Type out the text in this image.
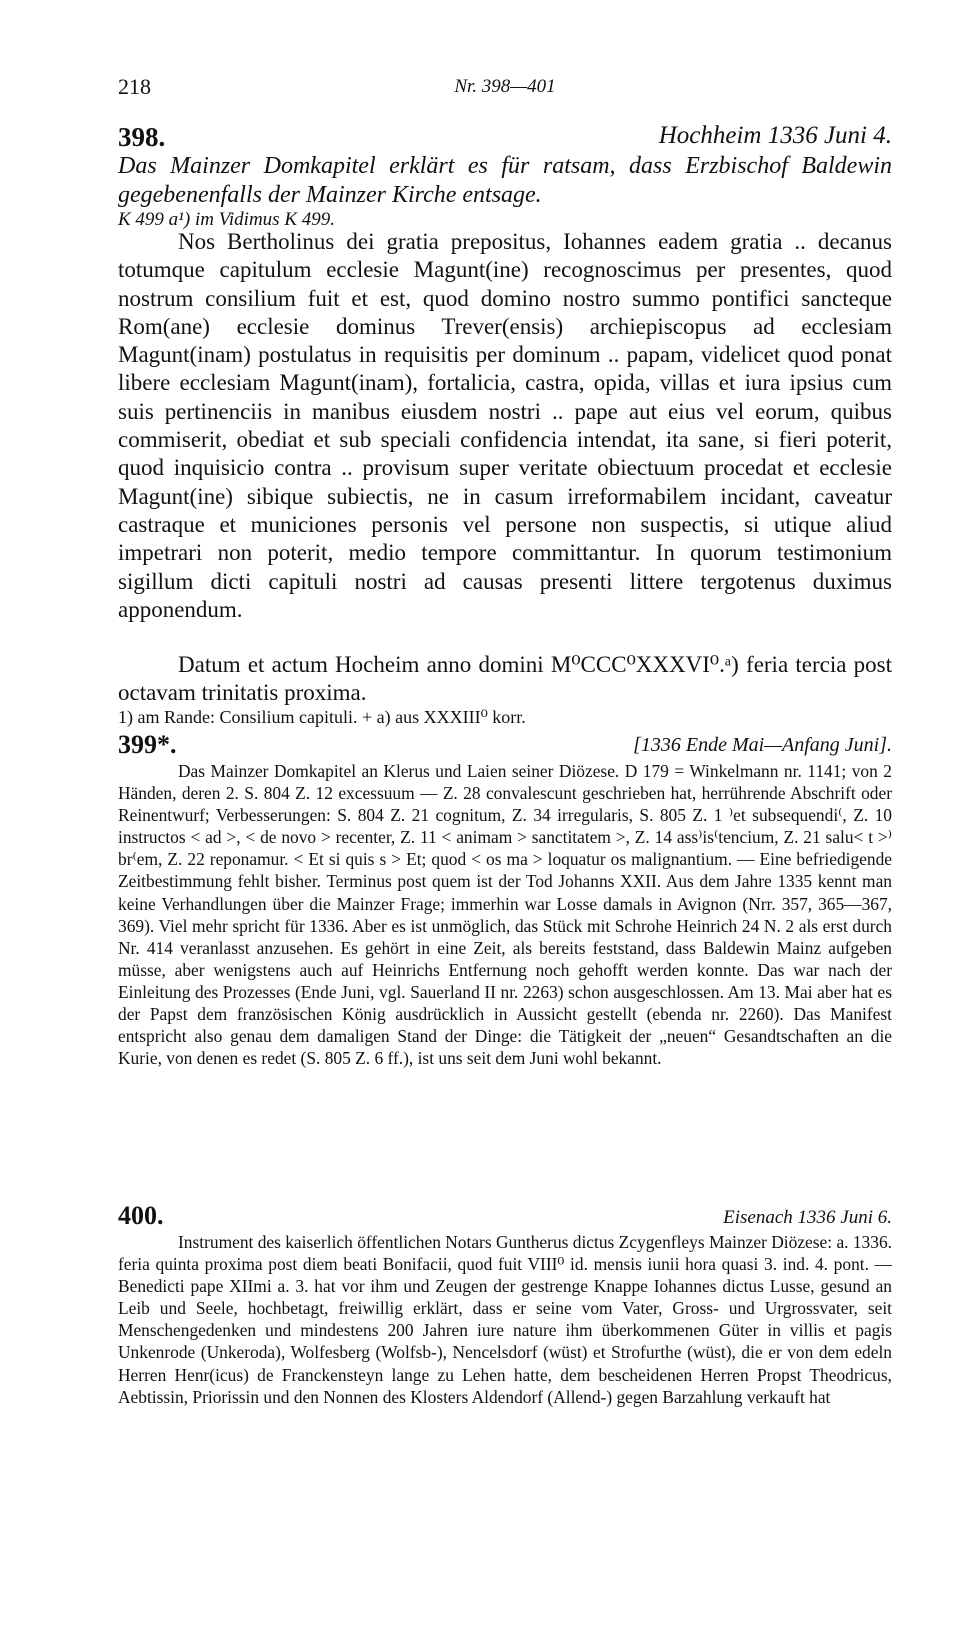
218	Nr. 398—401
398.	Hochheim 1336 Juni 4.

Das Mainzer Domkapitel erklärt es für ratsam, dass Erzbischof Baldewin gegebenenfalls der Mainzer Kirche entsage.

K 499 a¹) im Vidimus K 499.

Nos Bertholinus dei gratia prepositus, Iohannes eadem gratia .. decanus totumque capitulum ecclesie Magunt(ine) recognoscimus per presentes, quod nostrum consilium fuit et est, quod domino nostro summo pontifici sancteque Rom(ane) ecclesie dominus Trever(ensis) archiepiscopus ad ecclesiam Magunt(inam) postulatus in requisitis per dominum .. papam, videlicet quod ponat libere ecclesiam Magunt(inam), fortalicia, castra, opida, villas et iura ipsius cum suis pertinenciis in manibus eiusdem nostri .. pape aut eius vel eorum, quibus commiserit, obediat et sub speciali confidencia intendat, ita sane, si fieri poterit, quod inquisicio contra .. provisum super veritate obiectuum procedat et ecclesie Magunt(ine) sibique subiectis, ne in casum irreformabilem incidant, caveatur castraque et municiones personis vel persone non suspectis, si utique aliud impetrari non poterit, medio tempore committantur. In quorum testimonium sigillum dicti capituli nostri ad causas presenti littere tergotenus duximus apponendum.

Datum et actum Hocheim anno domini M⁰CCC⁰XXXVI⁰.ᵃ) feria tercia post octavam trinitatis proxima.

1) am Rande: Consilium capituli. + a) aus XXXIII⁰ korr.

399*.	[1336 Ende Mai—Anfang Juni].

Das Mainzer Domkapitel an Klerus und Laien seiner Diözese. D 179 = Winkelmann nr. 1141; von 2 Händen, deren 2. S. 804 Z. 12 excessuum — Z. 28 convalescunt geschrieben hat, herrührende Abschrift oder Reinentwurf; Verbesserungen: S. 804 Z. 21 cognitum, Z. 34 irregularis, S. 805 Z. 1 ⁾et subsequendi⁽, Z. 10 instructos < ad >, < de novo > recenter, Z. 11 < animam > sanctitatem >, Z. 14 ass⁾is⁽tencium, Z. 21 salu< t >⁾br⁽em, Z. 22 reponamur. < Et si quis s > Et; quod < os ma > loquatur os malignantium. — Eine befriedigende Zeitbestimmung fehlt bisher. Terminus post quem ist der Tod Johanns XXII. Aus dem Jahre 1335 kennt man keine Verhandlungen über die Mainzer Frage; immerhin war Losse damals in Avignon (Nrr. 357, 365—367, 369). Viel mehr spricht für 1336. Aber es ist unmöglich, das Stück mit Schrohe Heinrich 24 N. 2 als erst durch Nr. 414 veranlasst anzusehen. Es gehört in eine Zeit, als bereits feststand, dass Baldewin Mainz aufgeben müsse, aber wenigstens auch auf Heinrichs Entfernung noch gehofft werden konnte. Das war nach der Einleitung des Prozesses (Ende Juni, vgl. Sauerland II nr. 2263) schon ausgeschlossen. Am 13. Mai aber hat es der Papst dem französischen König ausdrücklich in Aussicht gestellt (ebenda nr. 2260). Das Manifest entspricht also genau dem damaligen Stand der Dinge: die Tätigkeit der „neuen“ Gesandtschaften an die Kurie, von denen es redet (S. 805 Z. 6 ff.), ist uns seit dem Juni wohl bekannt.

400.	Eisenach 1336 Juni 6.

Instrument des kaiserlich öffentlichen Notars Guntherus dictus Zcygenfleys Mainzer Diözese: a. 1336. feria quinta proxima post diem beati Bonifacii, quod fuit VIII⁰ id. mensis iunii hora quasi 3. ind. 4. pont. — Benedicti pape XIImi a. 3. hat vor ihm und Zeugen der gestrenge Knappe Iohannes dictus Lusse, gesund an Leib und Seele, hochbetagt, freiwillig erklärt, dass er seine vom Vater, Gross- und Urgrossvater, seit Menschengedenken und mindestens 200 Jahren iure nature ihm überkommenen Güter in villis et pagis Unkenrode (Unkeroda), Wolfesberg (Wolfsb-), Nencelsdorf (wüst) et Strofurthe (wüst), die er von dem edeln Herren Henr(icus) de Franckensteyn lange zu Lehen hatte, dem bescheidenen Herren Propst Theodricus, Aebtissin, Priorissin und den Nonnen des Klosters Aldendorf (Allend-) gegen Barzahlung verkauft hat
